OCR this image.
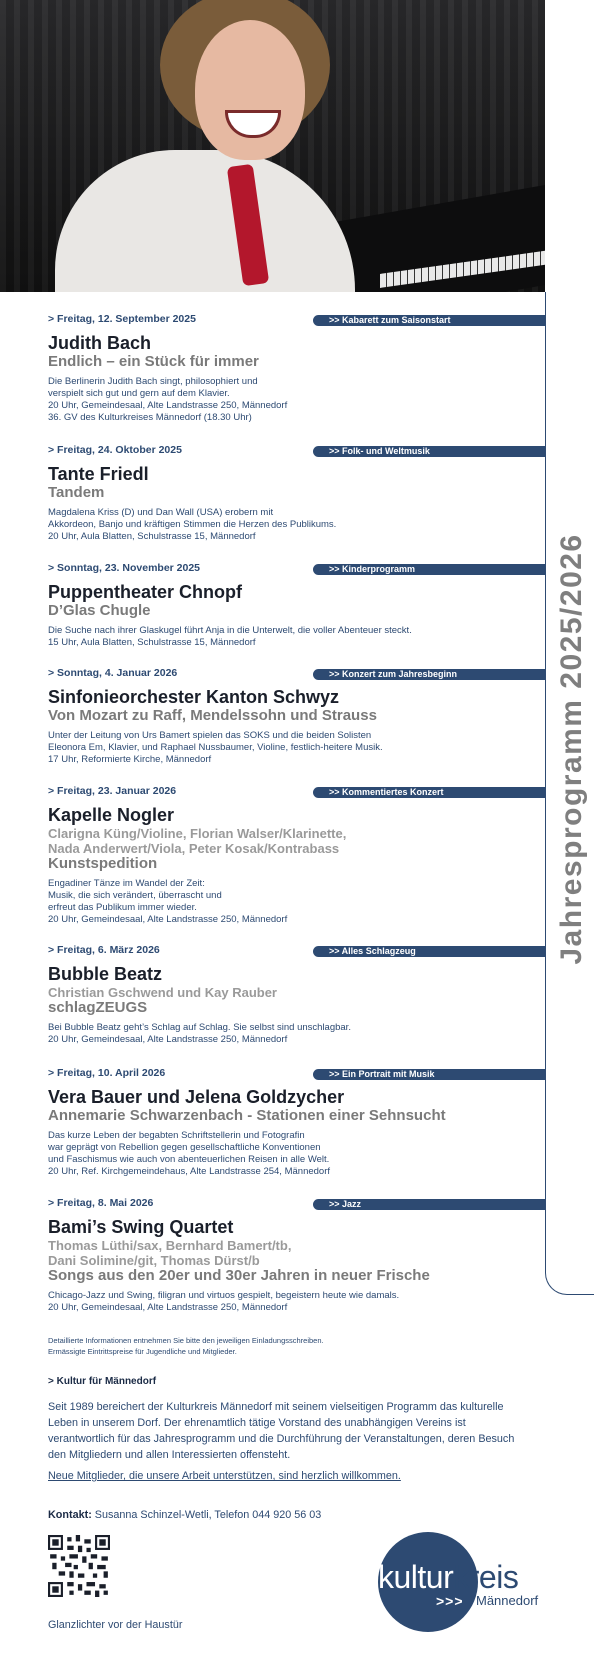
Jahresprogramm 2025/2026
> Freitag, 12. September 2025	>> Kabarett zum Saisonstart
Judith Bach
Endlich – ein Stück für immer
Die Berlinerin Judith Bach singt, philosophiert und
verspielt sich gut und gern auf dem Klavier.
20 Uhr, Gemeindesaal, Alte Landstrasse 250, Männedorf
36. GV des Kulturkreises Männedorf (18.30 Uhr)
> Freitag, 24. Oktober 2025	>> Folk- und Weltmusik
Tante Friedl
Tandem
Magdalena Kriss (D) und Dan Wall (USA) erobern mit
Akkordeon, Banjo und kräftigen Stimmen die Herzen des Publikums.
20 Uhr, Aula Blatten, Schulstrasse 15, Männedorf
> Sonntag, 23. November 2025	>> Kinderprogramm
Puppentheater Chnopf
D’Glas Chugle
Die Suche nach ihrer Glaskugel führt Anja in die Unterwelt, die voller Abenteuer steckt.
15 Uhr, Aula Blatten, Schulstrasse 15, Männedorf
> Sonntag, 4. Januar 2026	>> Konzert zum Jahresbeginn
Sinfonieorchester Kanton Schwyz
Von Mozart zu Raff, Mendelssohn und Strauss
Unter der Leitung von Urs Bamert spielen das SOKS und die beiden Solisten
Eleonora Em, Klavier, und Raphael Nussbaumer, Violine, festlich-heitere Musik.
17 Uhr, Reformierte Kirche, Männedorf
> Freitag, 23. Januar 2026	>> Kommentiertes Konzert
Kapelle Nogler
Clarigna Küng/Violine, Florian Walser/Klarinette,
Nada Anderwert/Viola, Peter Kosak/Kontrabass
Kunstspedition
Engadiner Tänze im Wandel der Zeit:
Musik, die sich verändert, überrascht und
erfreut das Publikum immer wieder.
20 Uhr, Gemeindesaal, Alte Landstrasse 250, Männedorf
> Freitag, 6. März 2026	>> Alles Schlagzeug
Bubble Beatz
Christian Gschwend und Kay Rauber
schlagZEUGS
Bei Bubble Beatz geht’s Schlag auf Schlag. Sie selbst sind unschlagbar.
20 Uhr, Gemeindesaal, Alte Landstrasse 250, Männedorf
> Freitag, 10. April 2026	>> Ein Portrait mit Musik
Vera Bauer und Jelena Goldzycher
Annemarie Schwarzenbach - Stationen einer Sehnsucht
Das kurze Leben der begabten Schriftstellerin und Fotografin
war geprägt von Rebellion gegen gesellschaftliche Konventionen
und Faschismus wie auch von abenteuerlichen Reisen in alle Welt.
20 Uhr, Ref. Kirchgemeindehaus, Alte Landstrasse 254, Männedorf
> Freitag, 8. Mai 2026	>> Jazz
Bami’s Swing Quartet
Thomas Lüthi/sax, Bernhard Bamert/tb,
Dani Solimine/git, Thomas Dürst/b
Songs aus den 20er und 30er Jahren in neuer Frische
Chicago-Jazz und Swing, filigran und virtuos gespielt, begeistern heute wie damals.
20 Uhr, Gemeindesaal, Alte Landstrasse 250, Männedorf
Detaillierte Informationen entnehmen Sie bitte den jeweiligen Einladungsschreiben.
Ermässigte Eintrittspreise für Jugendliche und Mitglieder.
> Kultur für Männedorf
Seit 1989 bereichert der Kulturkreis Männedorf mit seinem vielseitigen Programm das kulturelle Leben in unserem Dorf. Der ehrenamtlich tätige Vorstand des unabhängigen Vereins ist verantwortlich für das Jahresprogramm und die Durchführung der Veranstaltungen, deren Besuch den Mitgliedern und allen Interessierten offensteht.
Neue Mitglieder, die unsere Arbeit unterstützen, sind herzlich willkommen.
Kontakt: Susanna Schinzel-Wetli, Telefon 044 920 56 03
Glanzlichter vor der Haustür
kulturkreis
>>> Männedorf
